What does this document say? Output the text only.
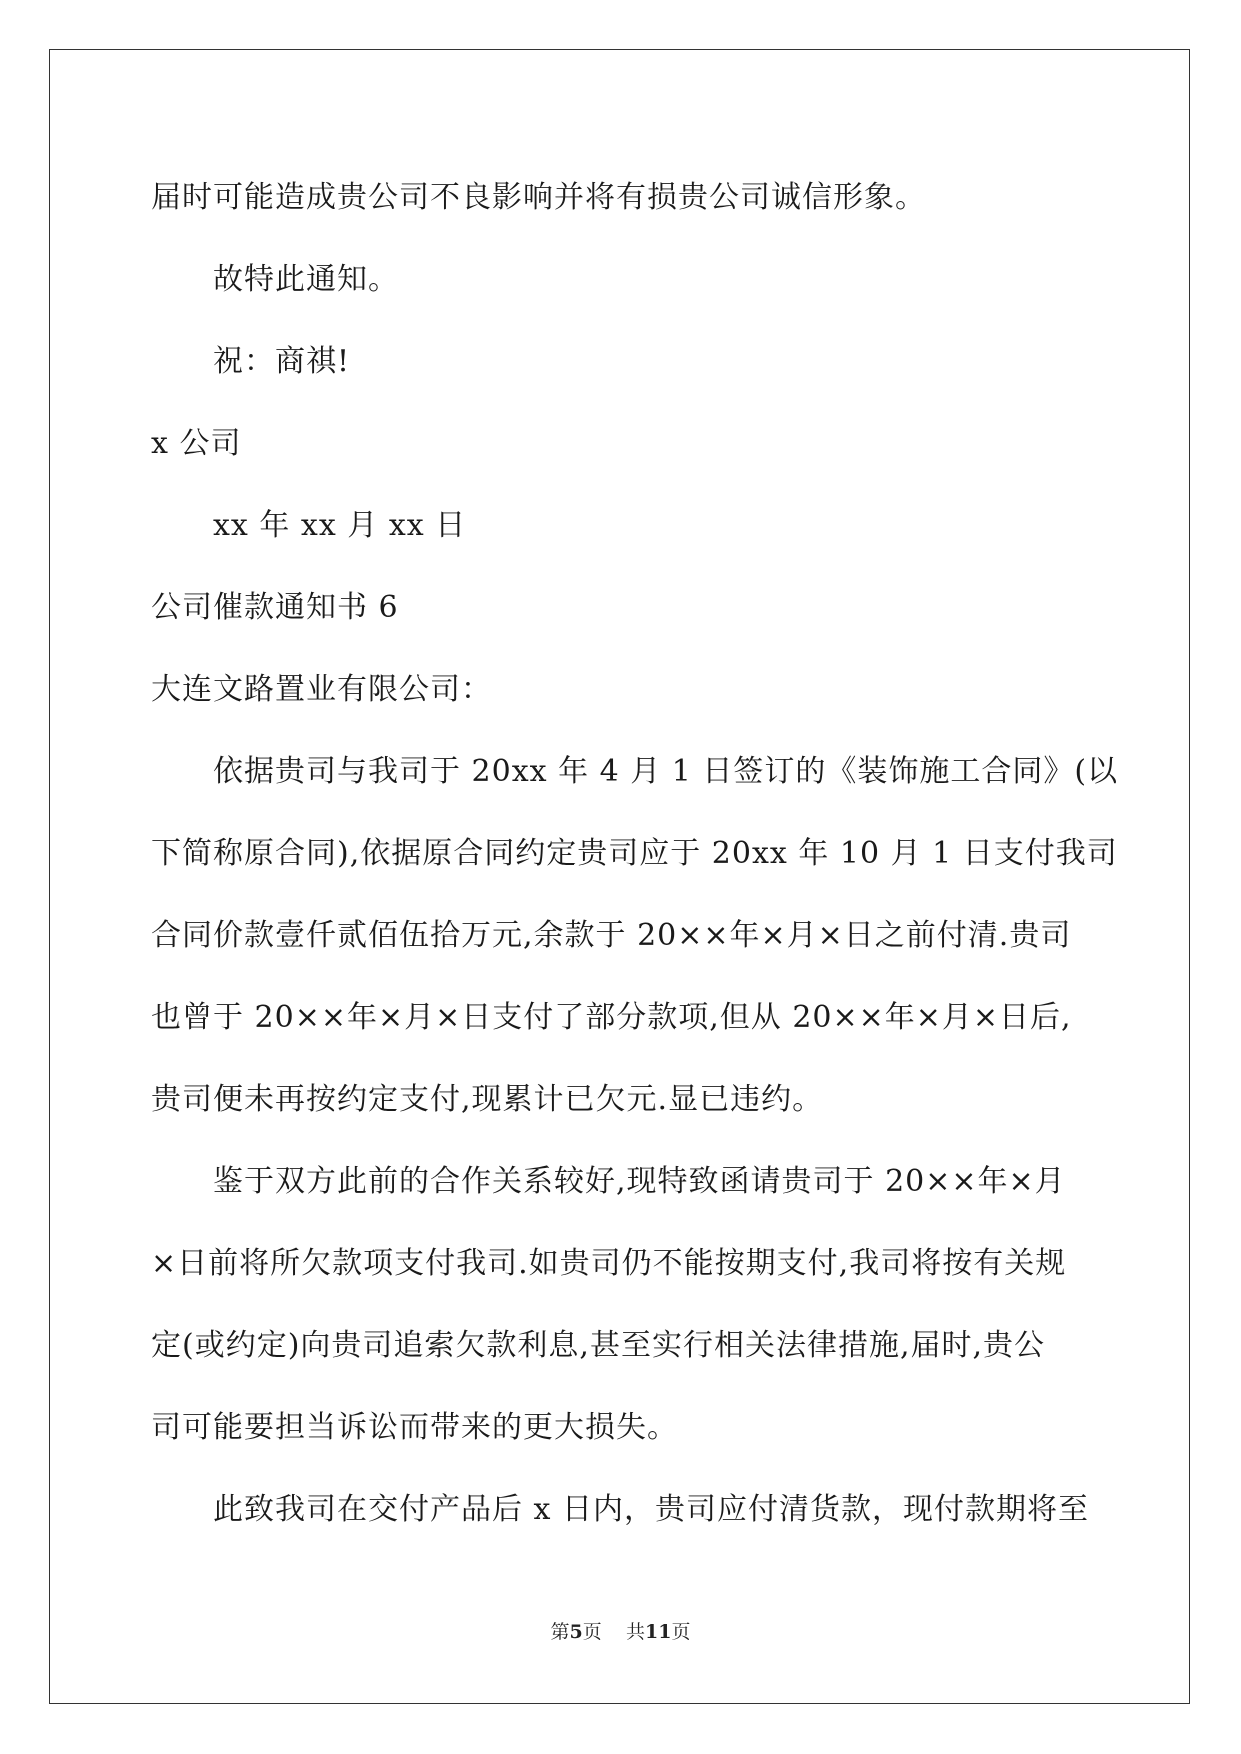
届时可能造成贵公司不良影响并将有损贵公司诚信形象。
故特此通知。
祝：商祺!
x 公司
xx 年 xx 月 xx 日
公司催款通知书 6
大连文路置业有限公司：
依据贵司与我司于 20xx 年 4 月 1 日签订的《装饰施工合同》(以
下简称原合同),依据原合同约定贵司应于 20xx 年 10 月 1 日支付我司
合同价款壹仟贰佰伍拾万元,余款于 20××年×月×日之前付清.贵司
也曾于 20××年×月×日支付了部分款项,但从 20××年×月×日后,
贵司便未再按约定支付,现累计已欠元.显已违约。
鉴于双方此前的合作关系较好,现特致函请贵司于 20××年×月
×日前将所欠款项支付我司.如贵司仍不能按期支付,我司将按有关规
定(或约定)向贵司追索欠款利息,甚至实行相关法律措施,届时,贵公
司可能要担当诉讼而带来的更大损失。
此致我司在交付产品后 x 日内，贵司应付清货款，现付款期将至
第5页 共11页
